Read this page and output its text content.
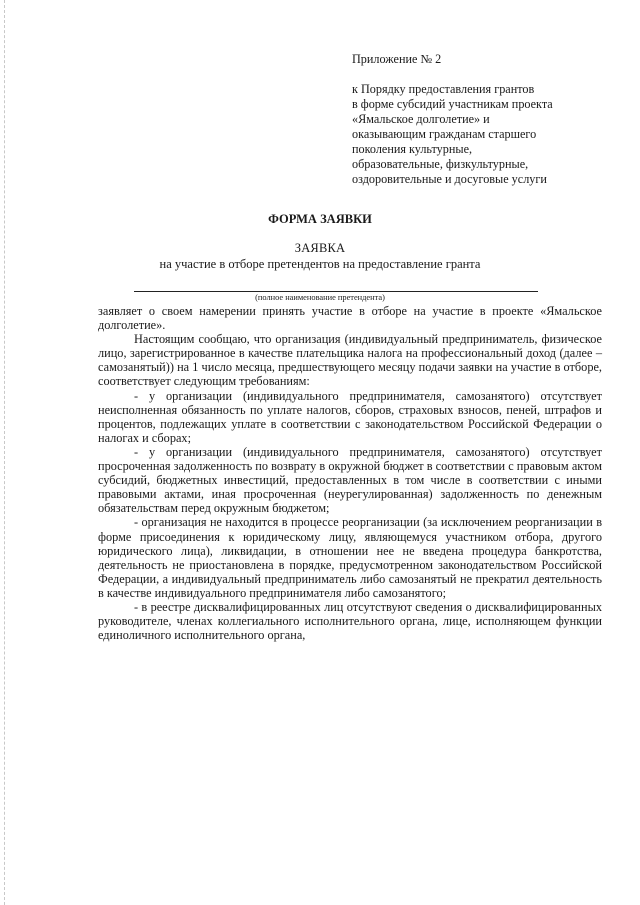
Приложение № 2
к Порядку предоставления грантов
в форме субсидий участникам проекта
«Ямальское долголетие» и
оказывающим гражданам старшего
поколения культурные,
образовательные, физкультурные,
оздоровительные и досуговые услуги
ФОРМА ЗАЯВКИ
ЗАЯВКА
на участие в отборе претендентов на предоставление гранта
(полное наименование претендента)

заявляет о своем намерении принять участие в отборе на участие в проекте «Ямальское долголетие».

Настоящим сообщаю, что организация (индивидуальный предприниматель, физическое лицо, зарегистрированное в качестве плательщика налога на профессиональный доход (далее – самозанятый)) на 1 число месяца, предшествующего месяцу подачи заявки на участие в отборе, соответствует следующим требованиям:

- у организации (индивидуального предпринимателя, самозанятого) отсутствует неисполненная обязанность по уплате налогов, сборов, страховых взносов, пеней, штрафов и процентов, подлежащих уплате в соответствии с законодательством Российской Федерации о налогах и сборах;

- у организации (индивидуального предпринимателя, самозанятого) отсутствует просроченная задолженность по возврату в окружной бюджет в соответствии с правовым актом субсидий, бюджетных инвестиций, предоставленных в том числе в соответствии с иными правовыми актами, иная просроченная (неурегулированная) задолженность по денежным обязательствам перед окружным бюджетом;

- организация не находится в процессе реорганизации (за исключением реорганизации в форме присоединения к юридическому лицу, являющемуся участником отбора, другого юридического лица), ликвидации, в отношении нее не введена процедура банкротства, деятельность не приостановлена в порядке, предусмотренном законодательством Российской Федерации, а индивидуальный предприниматель либо самозанятый не прекратил деятельность в качестве индивидуального предпринимателя либо самозанятого;

- в реестре дисквалифицированных лиц отсутствуют сведения о дисквалифицированных руководителе, членах коллегиального исполнительного органа, лице, исполняющем функции единоличного исполнительного органа,
